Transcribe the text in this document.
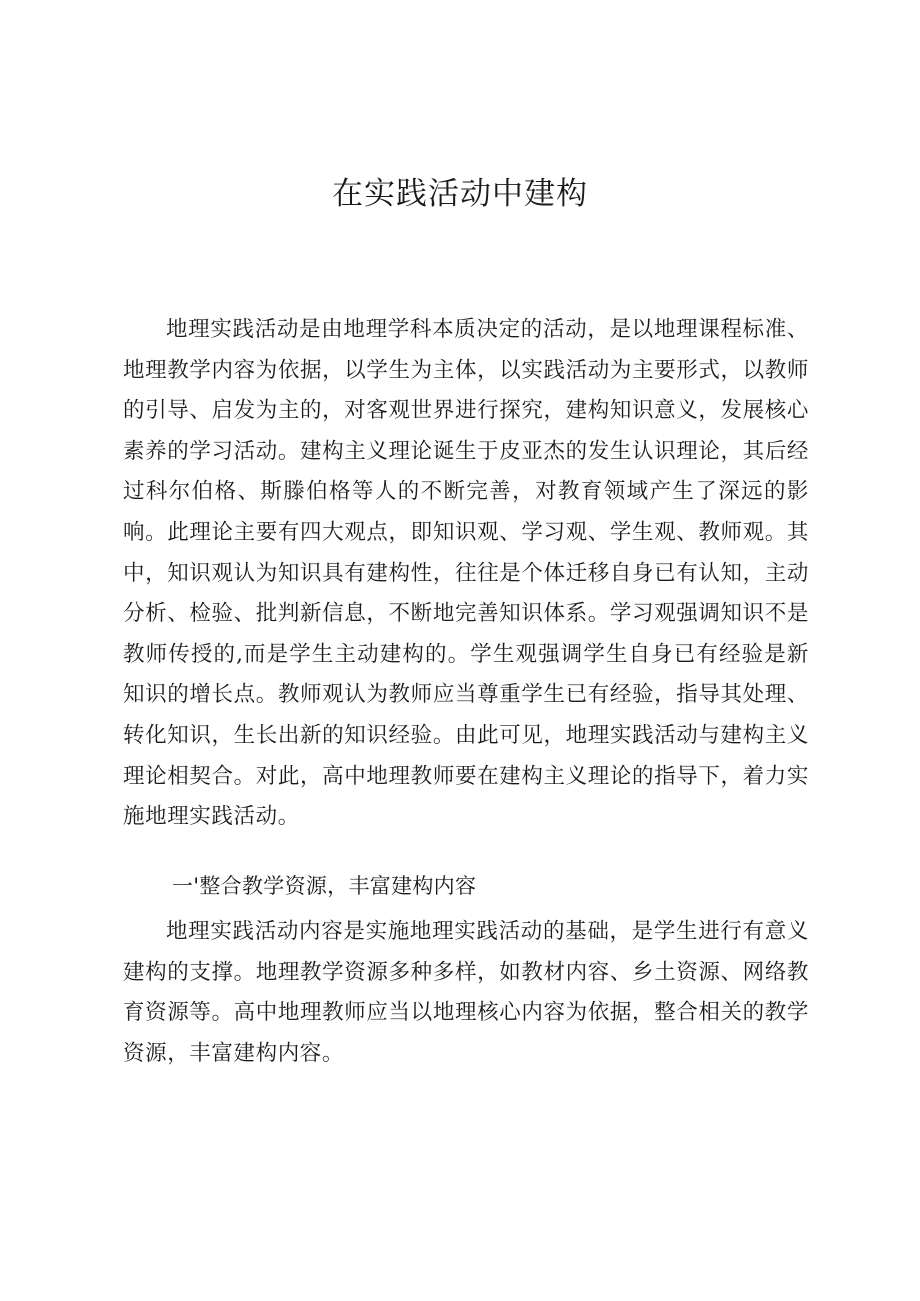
在实践活动中建构

地理实践活动是由地理学科本质决定的活动，是以地理课程标准、地理教学内容为依据，以学生为主体，以实践活动为主要形式，以教师的引导、启发为主的，对客观世界进行探究，建构知识意义，发展核心素养的学习活动。建构主义理论诞生于皮亚杰的发生认识理论，其后经过科尔伯格、斯滕伯格等人的不断完善，对教育领域产生了深远的影响。此理论主要有四大观点，即知识观、学习观、学生观、教师观。其中，知识观认为知识具有建构性，往往是个体迁移自身已有认知，主动分析、检验、批判新信息，不断地完善知识体系。学习观强调知识不是教师传授的,而是学生主动建构的。学生观强调学生自身已有经验是新知识的增长点。教师观认为教师应当尊重学生已有经验，指导其处理、转化知识，生长出新的知识经验。由此可见，地理实践活动与建构主义理论相契合。对此，高中地理教师要在建构主义理论的指导下，着力实施地理实践活动。

一'整合教学资源，丰富建构内容

地理实践活动内容是实施地理实践活动的基础，是学生进行有意义建构的支撑。地理教学资源多种多样，如教材内容、乡土资源、网络教育资源等。高中地理教师应当以地理核心内容为依据，整合相关的教学资源，丰富建构内容。
